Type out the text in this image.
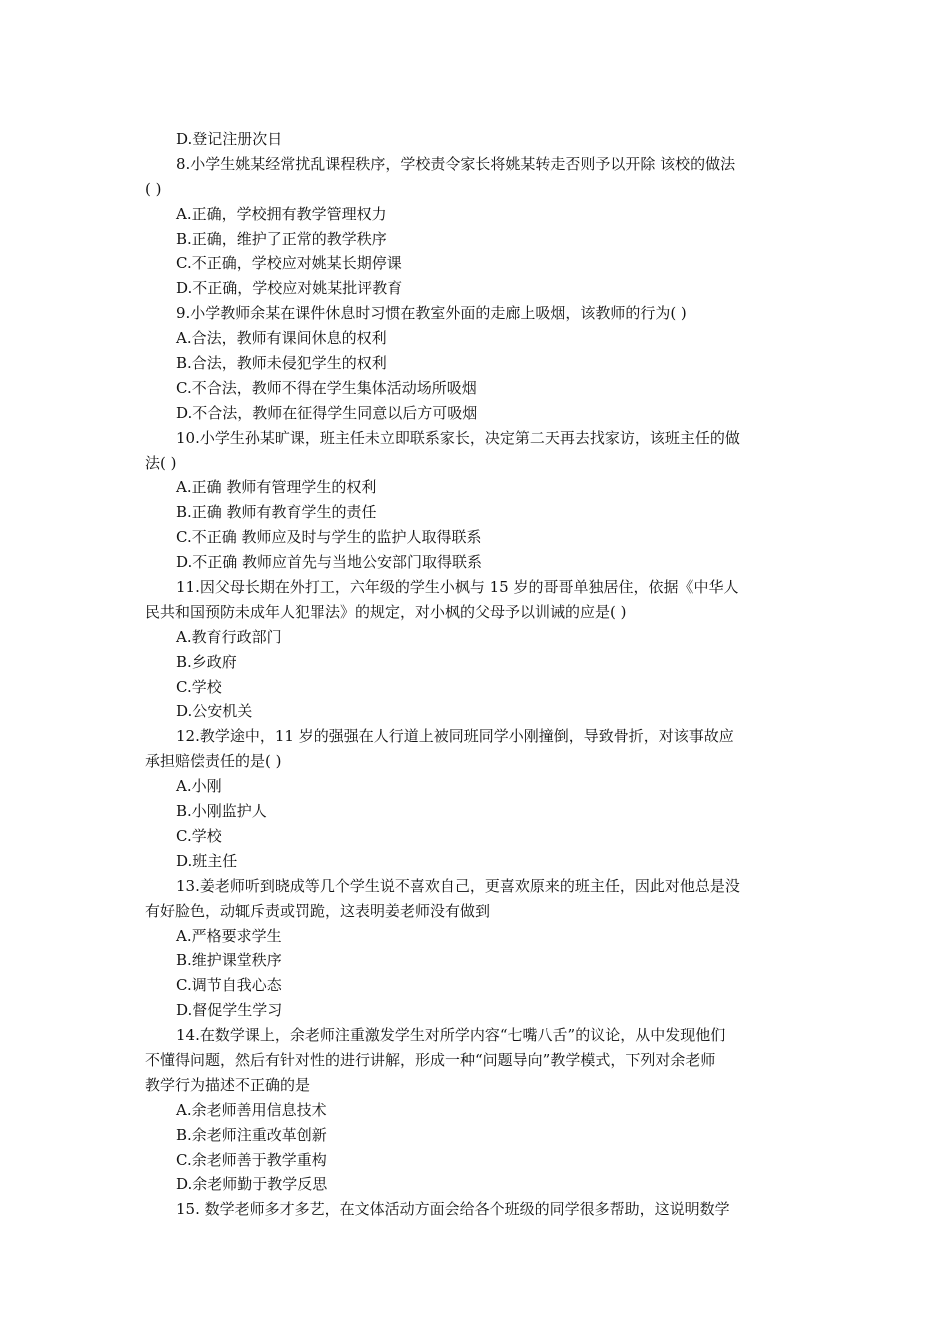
D.登记注册次日
8.小学生姚某经常扰乱课程秩序，学校责令家长将姚某转走否则予以开除 该校的做法
( )
A.正确，学校拥有教学管理权力
B.正确，维护了正常的教学秩序
C.不正确，学校应对姚某长期停课
D.不正确，学校应对姚某批评教育
9.小学教师余某在课件休息时习惯在教室外面的走廊上吸烟，该教师的行为( )
A.合法，教师有课间休息的权利
B.合法，教师未侵犯学生的权利
C.不合法，教师不得在学生集体活动场所吸烟
D.不合法，教师在征得学生同意以后方可吸烟
10.小学生孙某旷课，班主任未立即联系家长，决定第二天再去找家访，该班主任的做
法( )
A.正确 教师有管理学生的权利
B.正确 教师有教育学生的责任
C.不正确 教师应及时与学生的监护人取得联系
D.不正确 教师应首先与当地公安部门取得联系
11.因父母长期在外打工，六年级的学生小枫与 15 岁的哥哥单独居住，依据《中华人
民共和国预防未成年人犯罪法》的规定，对小枫的父母予以训诫的应是( )
A.教育行政部门
B.乡政府
C.学校
D.公安机关
12.教学途中，11 岁的强强在人行道上被同班同学小刚撞倒，导致骨折，对该事故应
承担赔偿责任的是( )
A.小刚
B.小刚监护人
C.学校
D.班主任
13.姜老师听到晓成等几个学生说不喜欢自己，更喜欢原来的班主任，因此对他总是没
有好脸色，动辄斥责或罚跪，这表明姜老师没有做到
A.严格要求学生
B.维护课堂秩序
C.调节自我心态
D.督促学生学习
14.在数学课上，余老师注重激发学生对所学内容“七嘴八舌”的议论，从中发现他们
不懂得问题，然后有针对性的进行讲解，形成一种“问题导向”教学模式，下列对余老师
教学行为描述不正确的是
A.余老师善用信息技术
B.余老师注重改革创新
C.余老师善于教学重构
D.余老师勤于教学反思
15. 数学老师多才多艺，在文体活动方面会给各个班级的同学很多帮助，这说明数学
